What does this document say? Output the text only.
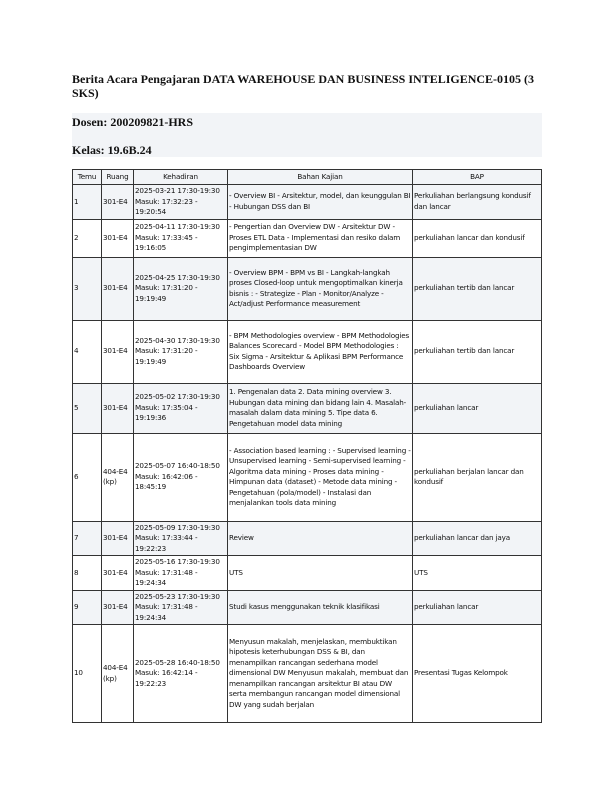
Berita Acara Pengajaran DATA WAREHOUSE DAN BUSINESS INTELIGENCE-0105 (3 SKS)
Dosen: 200209821-HRS
Kelas: 19.6B.24
Temu	Ruang	Kehadiran	Bahan Kajian	BAP

1	301-E4	2025-03-21 17:30-19:30
Masuk: 17:32:23 - 19:20:54	- Overview BI - Arsitektur, model, dan keunggulan BI - Hubungan DSS dan BI	Perkuliahan berlangsung kondusif dan lancar

2	301-E4	2025-04-11 17:30-19:30
Masuk: 17:33:45 - 19:16:05	- Pengertian dan Overview DW - Arsitektur DW - Proses ETL Data - Implementasi dan resiko dalam pengimplementasian DW	perkuliahan lancar dan kondusif

3	301-E4	2025-04-25 17:30-19:30
Masuk: 17:31:20 - 19:19:49	- Overview BPM - BPM vs BI - Langkah-langkah proses Closed-loop untuk mengoptimalkan kinerja bisnis : - Strategize - Plan - Monitor/Analyze - Act/adjust Performance measurement	perkuliahan tertib dan lancar

4	301-E4	2025-04-30 17:30-19:30
Masuk: 17:31:20 - 19:19:49	- BPM Methodologies overview - BPM Methodologies Balances Scorecard - Model BPM Methodologies : Six Sigma - Arsitektur & Aplikasi BPM Performance Dashboards Overview	perkuliahan tertib dan lancar

5	301-E4	2025-05-02 17:30-19:30
Masuk: 17:35:04 - 19:19:36	1. Pengenalan data 2. Data mining overview 3. Hubungan data mining dan bidang lain 4. Masalah-masalah dalam data mining 5. Tipe data 6. Pengetahuan model data mining	perkuliahan lancar

6	404-E4 (kp)	2025-05-07 16:40-18:50
Masuk: 16:42:06 - 18:45:19	- Association based learning : - Supervised learning - Unsupervised learning - Semi-supervised learning - Algoritma data mining - Proses data mining - Himpunan data (dataset) - Metode data mining - Pengetahuan (pola/model) - Instalasi dan menjalankan tools data mining	perkuliahan berjalan lancar dan kondusif

7	301-E4	2025-05-09 17:30-19:30
Masuk: 17:33:44 - 19:22:23	Review	perkuliahan lancar dan jaya

8	301-E4	2025-05-16 17:30-19:30
Masuk: 17:31:48 - 19:24:34	UTS	UTS

9	301-E4	2025-05-23 17:30-19:30
Masuk: 17:31:48 - 19:24:34	Studi kasus menggunakan teknik klasifikasi	perkuliahan lancar

10	404-E4 (kp)	2025-05-28 16:40-18:50
Masuk: 16:42:14 - 19:22:23	Menyusun makalah, menjelaskan, membuktikan hipotesis keterhubungan DSS & BI, dan menampilkan rancangan sederhana model dimensional DW Menyusun makalah, membuat dan menampilkan rancangan arsitektur BI atau DW serta membangun rancangan model dimensional DW yang sudah berjalan	Presentasi Tugas Kelompok
